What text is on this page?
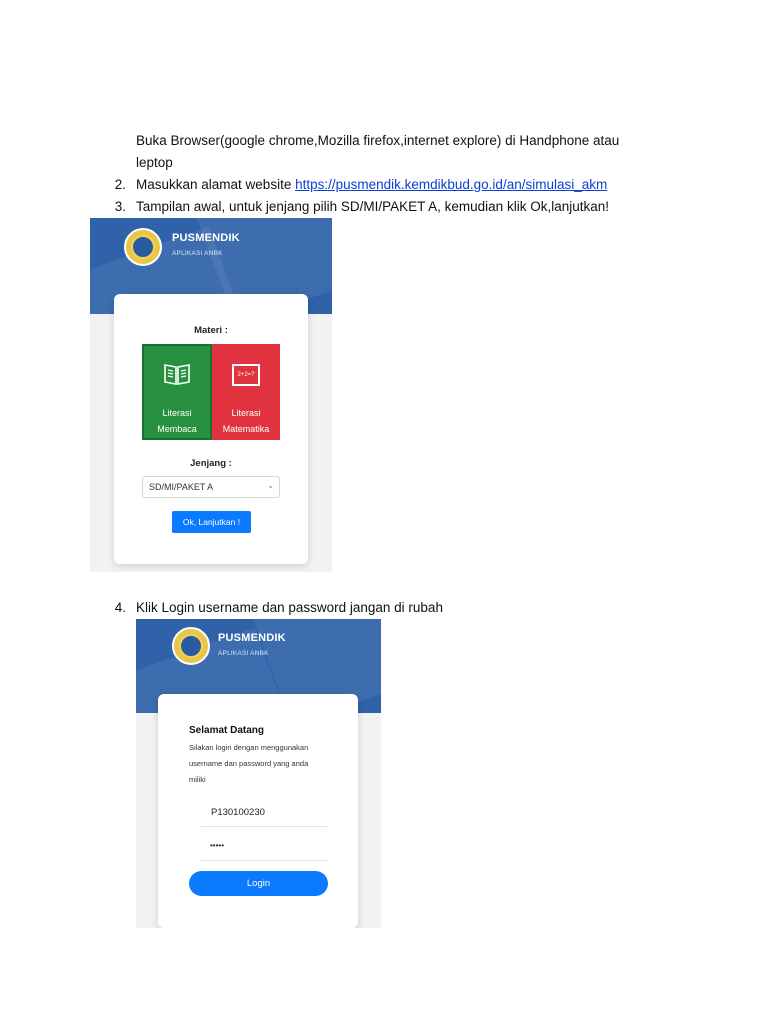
Buka Browser(google chrome,Mozilla firefox,internet explore) di Handphone atau
leptop
2. Masukkan alamat website https://pusmendik.kemdikbud.go.id/an/simulasi_akm
3. Tampilan awal, untuk jenjang pilih SD/MI/PAKET A, kemudian klik Ok,lanjutkan!
PUSMENDIK
APLIKASI ANBK
Materi :
Literasi
Membaca
2+2=?
Literasi
Matematika
Jenjang :
SD/MI/PAKET A	⌄
Ok, Lanjutkan !
4. Klik Login username dan password jangan di rubah
PUSMENDIK
APLIKASI ANBK
Selamat Datang
Silakan login dengan menggunakan
username dan password yang anda
miliki
P130100230
•••••
Login
